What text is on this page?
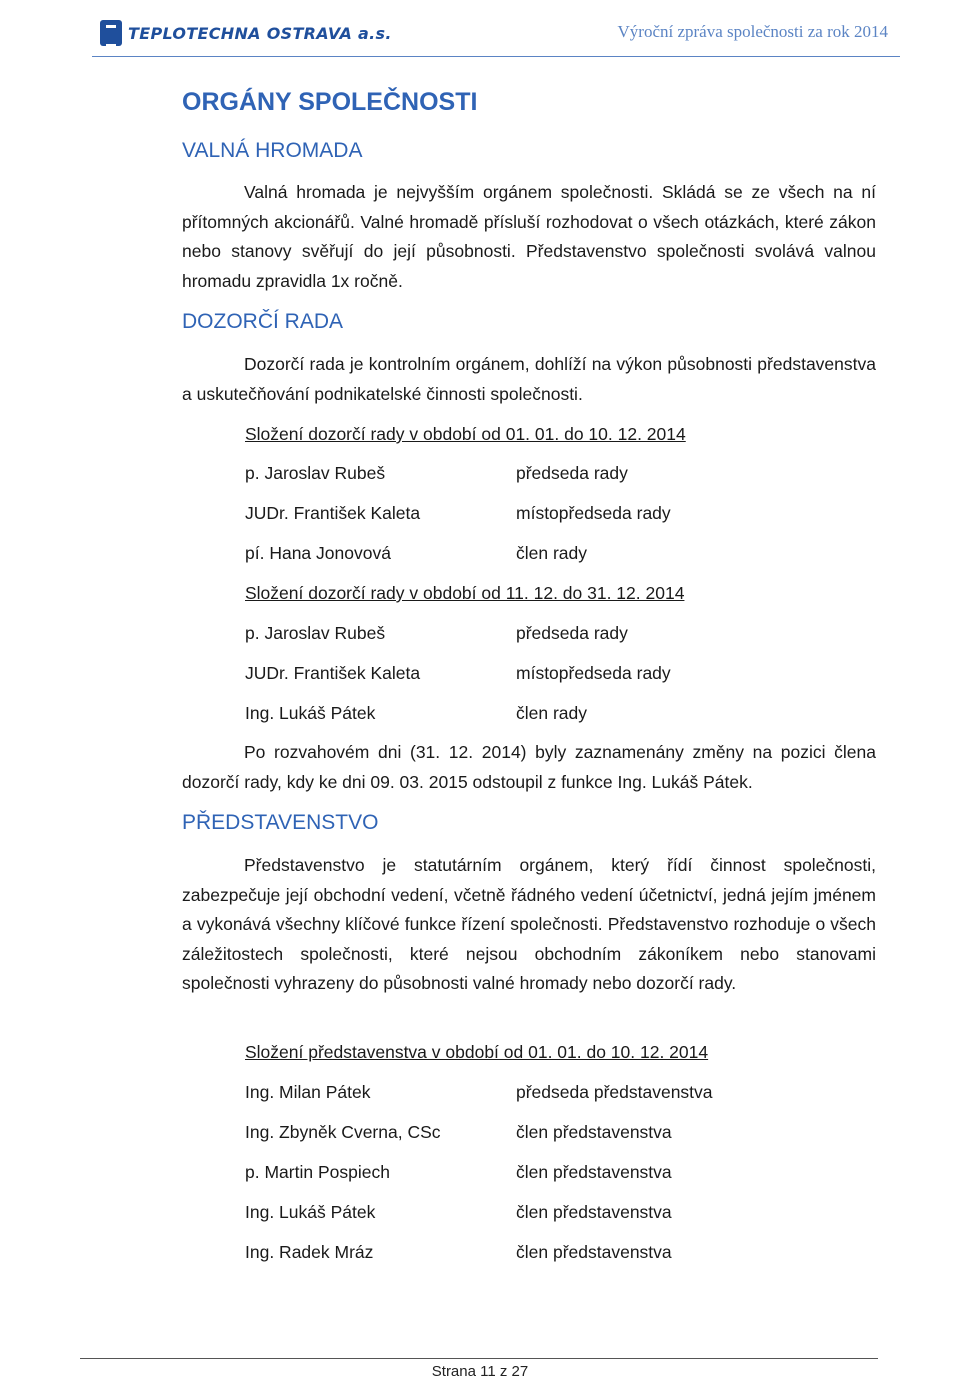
TEPLOTECHNA OSTRAVA a.s.	Výroční zpráva společnosti za rok 2014
ORGÁNY SPOLEČNOSTI
VALNÁ HROMADA
Valná hromada je nejvyšším orgánem společnosti. Skládá se ze všech na ní přítomných akcionářů. Valné hromadě přísluší rozhodovat o všech otázkách, které zákon nebo stanovy svěřují do její působnosti. Představenstvo společnosti svolává valnou hromadu zpravidla 1x ročně.
DOZORČÍ RADA
Dozorčí rada je kontrolním orgánem, dohlíží na výkon působnosti představenstva a uskutečňování podnikatelské činnosti společnosti.
Složení dozorčí rady v období od 01. 01. do 10. 12. 2014
p. Jaroslav Rubeš	předseda rady
JUDr. František Kaleta	místopředseda rady
pí. Hana Jonovová	člen rady
Složení dozorčí rady v období od 11. 12. do 31. 12. 2014
p. Jaroslav Rubeš	předseda rady
JUDr. František Kaleta	místopředseda rady
Ing. Lukáš Pátek	člen rady
Po rozvahovém dni (31. 12. 2014) byly zaznamenány změny na pozici člena dozorčí rady, kdy ke dni 09. 03. 2015 odstoupil z funkce Ing. Lukáš Pátek.
PŘEDSTAVENSTVO
Představenstvo je statutárním orgánem, který řídí činnost společnosti, zabezpečuje její obchodní vedení, včetně řádného vedení účetnictví, jedná jejím jménem a vykonává všechny klíčové funkce řízení společnosti. Představenstvo rozhoduje o všech záležitostech společnosti, které nejsou obchodním zákoníkem nebo stanovami společnosti vyhrazeny do působnosti valné hromady nebo dozorčí rady.
Složení představenstva v období od 01. 01. do 10. 12. 2014
Ing. Milan Pátek	předseda představenstva
Ing. Zbyněk Cverna, CSc	člen představenstva
p. Martin Pospiech	člen představenstva
Ing. Lukáš Pátek	člen představenstva
Ing. Radek Mráz	člen představenstva
Strana 11 z 27
